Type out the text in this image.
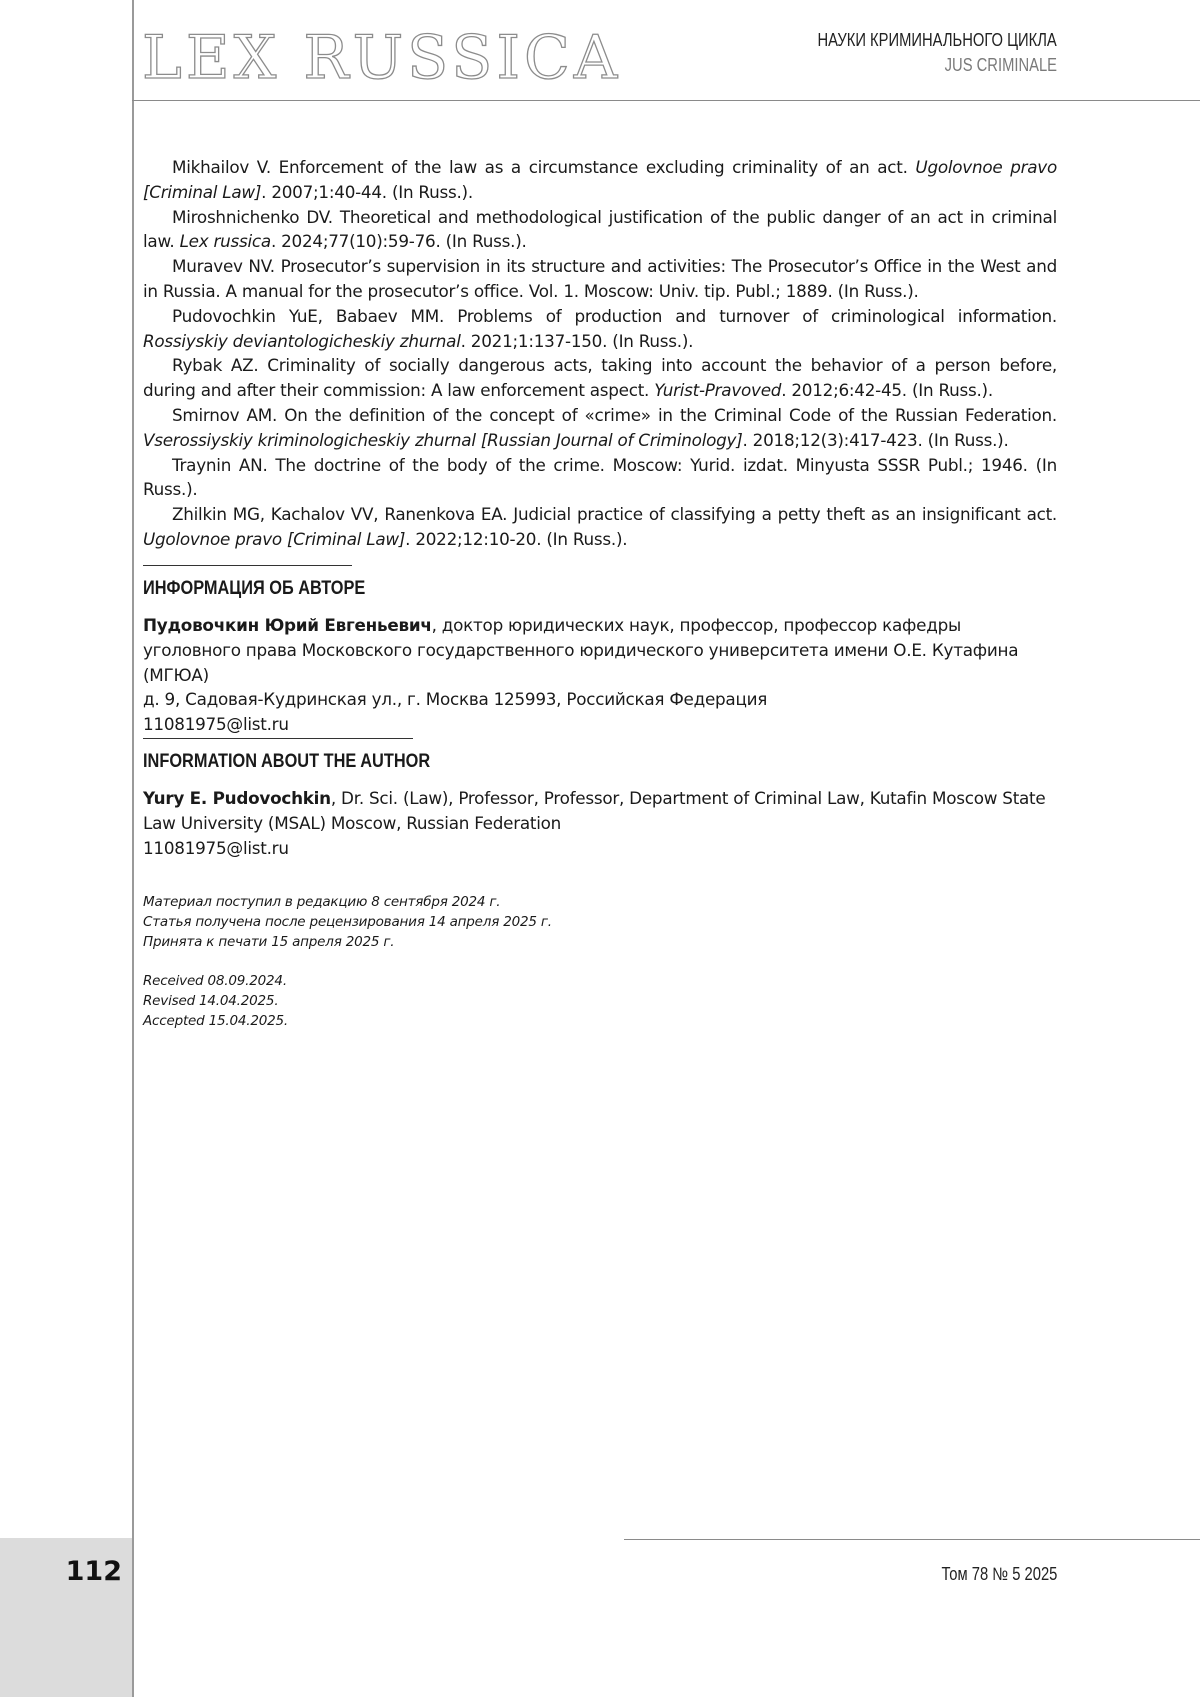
112
LEX RUSSICA	НАУКИ КРИМИНАЛЬНОГО ЦИКЛА
JUS CRIMINALE

Mikhailov V. Enforcement of the law as a circumstance excluding criminality of an act. Ugolovnoe pravo [Criminal Law]. 2007;1:40-44. (In Russ.).

Miroshnichenko DV. Theoretical and methodological justification of the public danger of an act in criminal law. Lex russica. 2024;77(10):59-76. (In Russ.).

Muravev NV. Prosecutor’s supervision in its structure and activities: The Prosecutor’s Office in the West and in Russia. A manual for the prosecutor’s office. Vol. 1. Moscow: Univ. tip. Publ.; 1889. (In Russ.).

Pudovochkin YuE, Babaev MM. Problems of production and turnover of criminological information. Rossiyskiy deviantologicheskiy zhurnal. 2021;1:137-150. (In Russ.).

Rybak AZ. Criminality of socially dangerous acts, taking into account the behavior of a person before, during and after their commission: A law enforcement aspect. Yurist-Pravoved. 2012;6:42-45. (In Russ.).

Smirnov AM. On the definition of the concept of «crime» in the Criminal Code of the Russian Federation. Vserossiyskiy kriminologicheskiy zhurnal [Russian Journal of Criminology]. 2018;12(3):417-423. (In Russ.).

Traynin AN. The doctrine of the body of the crime. Moscow: Yurid. izdat. Minyusta SSSR Publ.; 1946. (In Russ.).

Zhilkin MG, Kachalov VV, Ranenkova EA. Judicial practice of classifying a petty theft as an insignificant act. Ugolovnoe pravo [Criminal Law]. 2022;12:10-20. (In Russ.).

ИНФОРМАЦИЯ ОБ АВТОРЕ

Пудовочкин Юрий Евгеньевич, доктор юридических наук, профессор, профессор кафедры уголовного права Московского государственного юридического университета имени О.Е. Кутафина (МГЮА)

д. 9, Садовая-Кудринская ул., г. Москва 125993, Российская Федерация

11081975@list.ru

INFORMATION ABOUT THE AUTHOR

Yury E. Pudovochkin, Dr. Sci. (Law), Professor, Professor, Department of Criminal Law, Kutafin Moscow State Law University (MSAL) Moscow, Russian Federation

11081975@list.ru

Материал поступил в редакцию 8 сентября 2024 г.

Статья получена после рецензирования 14 апреля 2025 г.

Принята к печати 15 апреля 2025 г.

Received 08.09.2024.

Revised 14.04.2025.

Accepted 15.04.2025.

Том 78 № 5 2025
